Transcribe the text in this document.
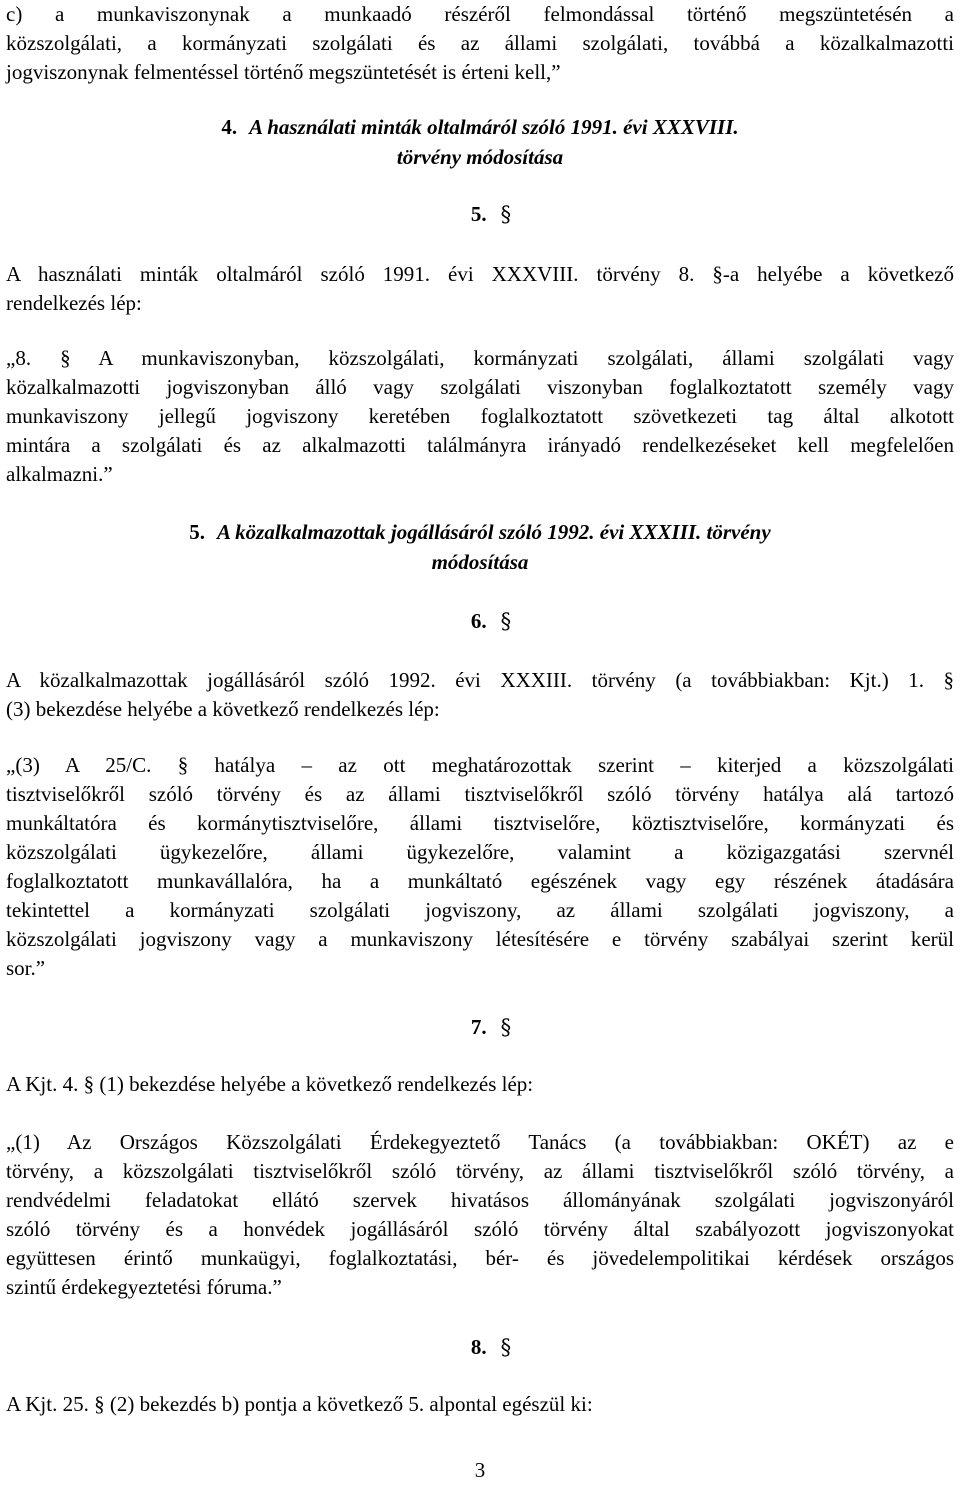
c) a munkaviszonynak a munkaadó részéről felmondással történő megszüntetésén a
közszolgálati, a kormányzati szolgálati és az állami szolgálati, továbbá a közalkalmazotti
jogviszonynak felmentéssel történő megszüntetését is érteni kell,”
4. A használati minták oltalmáról szóló 1991. évi XXXVIII.
törvény módosítása
5. §
A használati minták oltalmáról szóló 1991. évi XXXVIII. törvény 8. §-a helyébe a következő
rendelkezés lép:
„8. § A munkaviszonyban, közszolgálati, kormányzati szolgálati, állami szolgálati vagy
közalkalmazotti jogviszonyban álló vagy szolgálati viszonyban foglalkoztatott személy vagy
munkaviszony jellegű jogviszony keretében foglalkoztatott szövetkezeti tag által alkotott
mintára a szolgálati és az alkalmazotti találmányra irányadó rendelkezéseket kell megfelelően
alkalmazni.”
5. A közalkalmazottak jogállásáról szóló 1992. évi XXXIII. törvény
módosítása
6. §
A közalkalmazottak jogállásáról szóló 1992. évi XXXIII. törvény (a továbbiakban: Kjt.) 1. §
(3) bekezdése helyébe a következő rendelkezés lép:
„(3) A 25/C. § hatálya – az ott meghatározottak szerint – kiterjed a közszolgálati
tisztviselőkről szóló törvény és az állami tisztviselőkről szóló törvény hatálya alá tartozó
munkáltatóra és kormánytisztviselőre, állami tisztviselőre, köztisztviselőre, kormányzati és
közszolgálati ügykezelőre, állami ügykezelőre, valamint a közigazgatási szervnél
foglalkoztatott munkavállalóra, ha a munkáltató egészének vagy egy részének átadására
tekintettel a kormányzati szolgálati jogviszony, az állami szolgálati jogviszony, a
közszolgálati jogviszony vagy a munkaviszony létesítésére e törvény szabályai szerint kerül
sor.”
7. §
A Kjt. 4. § (1) bekezdése helyébe a következő rendelkezés lép:
„(1) Az Országos Közszolgálati Érdekegyeztető Tanács (a továbbiakban: OKÉT) az e
törvény, a közszolgálati tisztviselőkről szóló törvény, az állami tisztviselőkről szóló törvény, a
rendvédelmi feladatokat ellátó szervek hivatásos állományának szolgálati jogviszonyáról
szóló törvény és a honvédek jogállásáról szóló törvény által szabályozott jogviszonyokat
együttesen érintő munkaügyi, foglalkoztatási, bér- és jövedelempolitikai kérdések országos
szintű érdekegyeztetési fóruma.”
8. §
A Kjt. 25. § (2) bekezdés b) pontja a következő 5. alpontal egészül ki:
3
